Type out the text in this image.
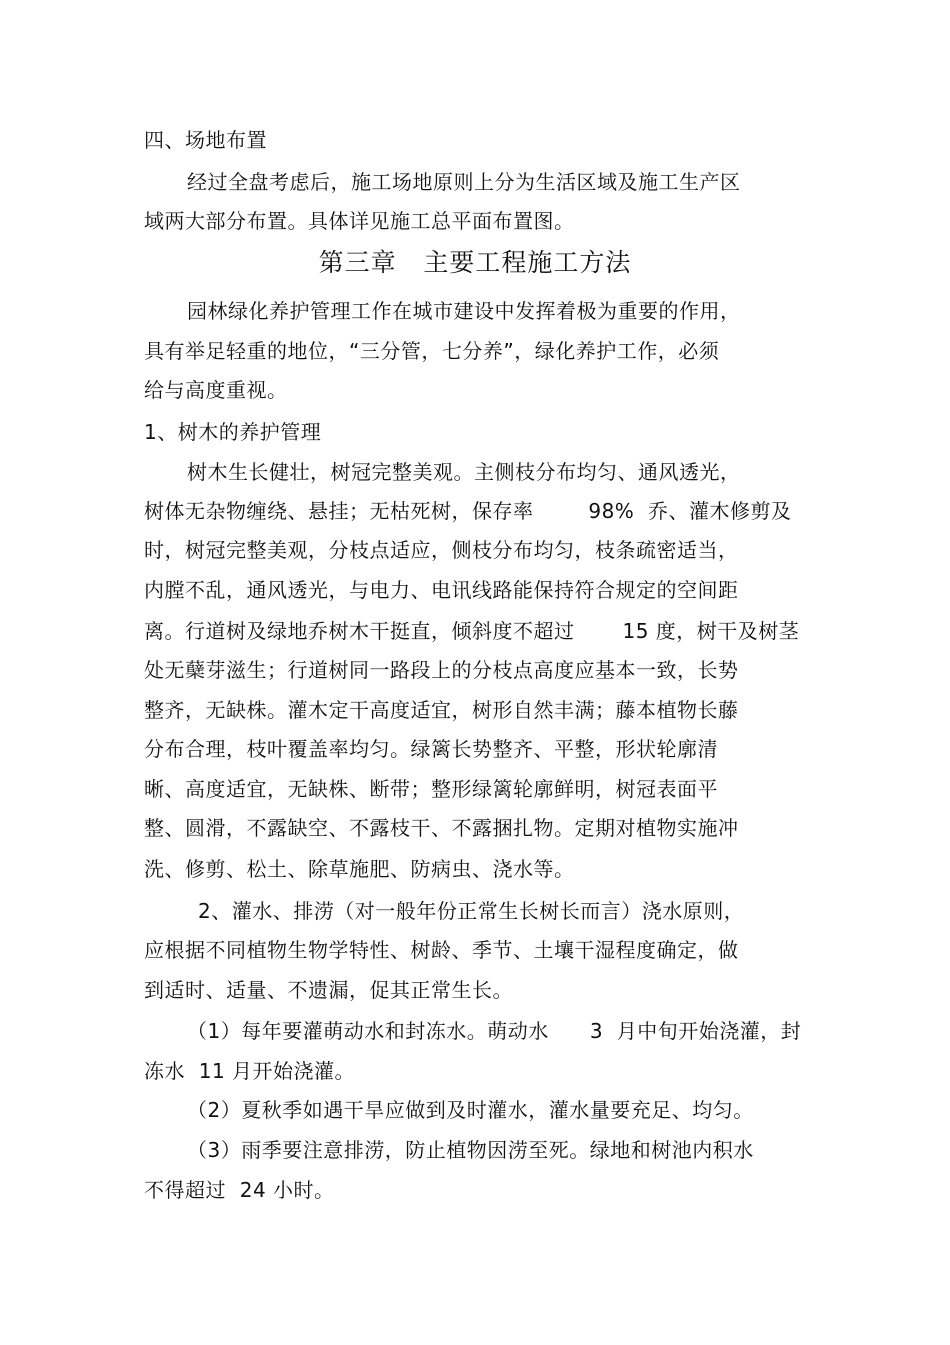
四、场地布置
经过全盘考虑后，施工场地原则上分为生活区域及施工生产区
域两大部分布置。具体详见施工总平面布置图。
第三章   主要工程施工方法
园林绿化养护管理工作在城市建设中发挥着极为重要的作用，
具有举足轻重的地位，“三分管，七分养”，绿化养护工作，必须
给与高度重视。
1、树木的养护管理
树木生长健壮，树冠完整美观。主侧枝分布均匀、通风透光，
树体无杂物缠绕、悬挂；无枯死树，保存率        98%  乔、灌木修剪及
时，树冠完整美观，分枝点适应，侧枝分布均匀，枝条疏密适当，
内膛不乱，通风透光，与电力、电讯线路能保持符合规定的空间距
离。行道树及绿地乔树木干挺直，倾斜度不超过       15 度，树干及树茎
处无蘖芽滋生；行道树同一路段上的分枝点高度应基本一致，长势
整齐，无缺株。灌木定干高度适宜，树形自然丰满；藤本植物长藤
分布合理，枝叶覆盖率均匀。绿篱长势整齐、平整，形状轮廓清
晰、高度适宜，无缺株、断带；整形绿篱轮廓鲜明，树冠表面平
整、圆滑，不露缺空、不露枝干、不露捆扎物。定期对植物实施冲
洗、修剪、松土、除草施肥、防病虫、浇水等。
2、灌水、排涝（对一般年份正常生长树长而言）浇水原则，
应根据不同植物生物学特性、树龄、季节、土壤干湿程度确定，做
到适时、适量、不遗漏，促其正常生长。
（1）每年要灌萌动水和封冻水。萌动水      3  月中旬开始浇灌，封
冻水  11 月开始浇灌。
（2）夏秋季如遇干旱应做到及时灌水，灌水量要充足、均匀。
（3）雨季要注意排涝，防止植物因涝至死。绿地和树池内积水
不得超过  24 小时。
